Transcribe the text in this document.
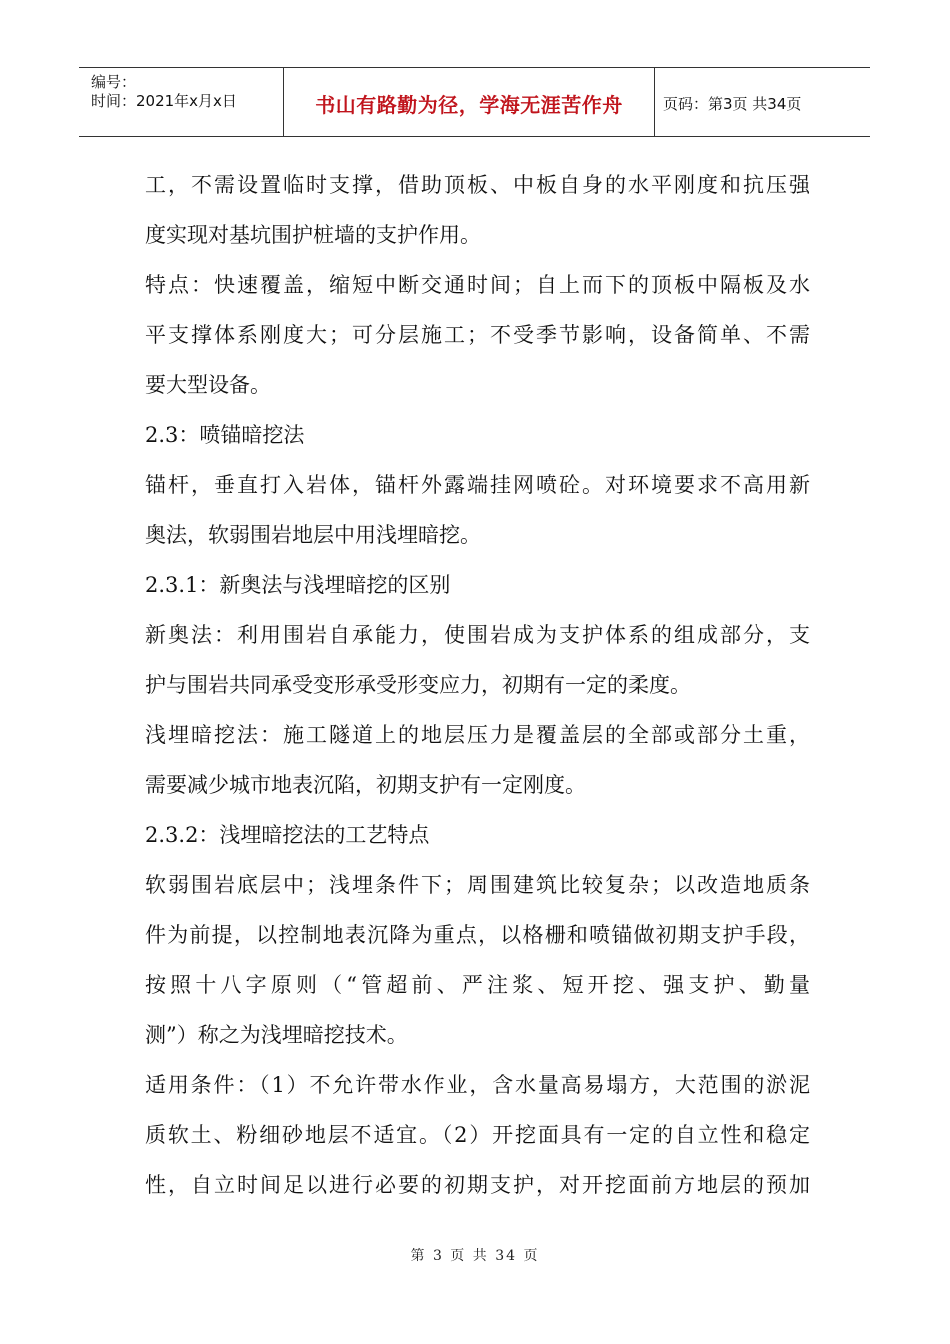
编号：
时间：2021年x月x日	书山有路勤为径，学海无涯苦作舟	页码：第3页 共34页
工，不需设置临时支撑，借助顶板、中板自身的水平刚度和抗压强
度实现对基坑围护桩墙的支护作用。
特点：快速覆盖，缩短中断交通时间；自上而下的顶板中隔板及水
平支撑体系刚度大；可分层施工；不受季节影响，设备简单、不需
要大型设备。
2.3：喷锚暗挖法
锚杆，垂直打入岩体，锚杆外露端挂网喷砼。对环境要求不高用新
奥法，软弱围岩地层中用浅埋暗挖。
2.3.1：新奥法与浅埋暗挖的区别
新奥法：利用围岩自承能力，使围岩成为支护体系的组成部分，支
护与围岩共同承受变形承受形变应力，初期有一定的柔度。
浅埋暗挖法：施工隧道上的地层压力是覆盖层的全部或部分土重，
需要减少城市地表沉陷，初期支护有一定刚度。
2.3.2：浅埋暗挖法的工艺特点
软弱围岩底层中；浅埋条件下；周围建筑比较复杂；以改造地质条
件为前提，以控制地表沉降为重点，以格栅和喷锚做初期支护手段，
按照十八字原则（“管超前、严注浆、短开挖、强支护、勤量
测”）称之为浅埋暗挖技术。
适用条件：（1）不允许带水作业，含水量高易塌方，大范围的淤泥
质软土、粉细砂地层不适宜。（2）开挖面具有一定的自立性和稳定
性，自立时间足以进行必要的初期支护，对开挖面前方地层的预加
第 3 页 共 34 页
